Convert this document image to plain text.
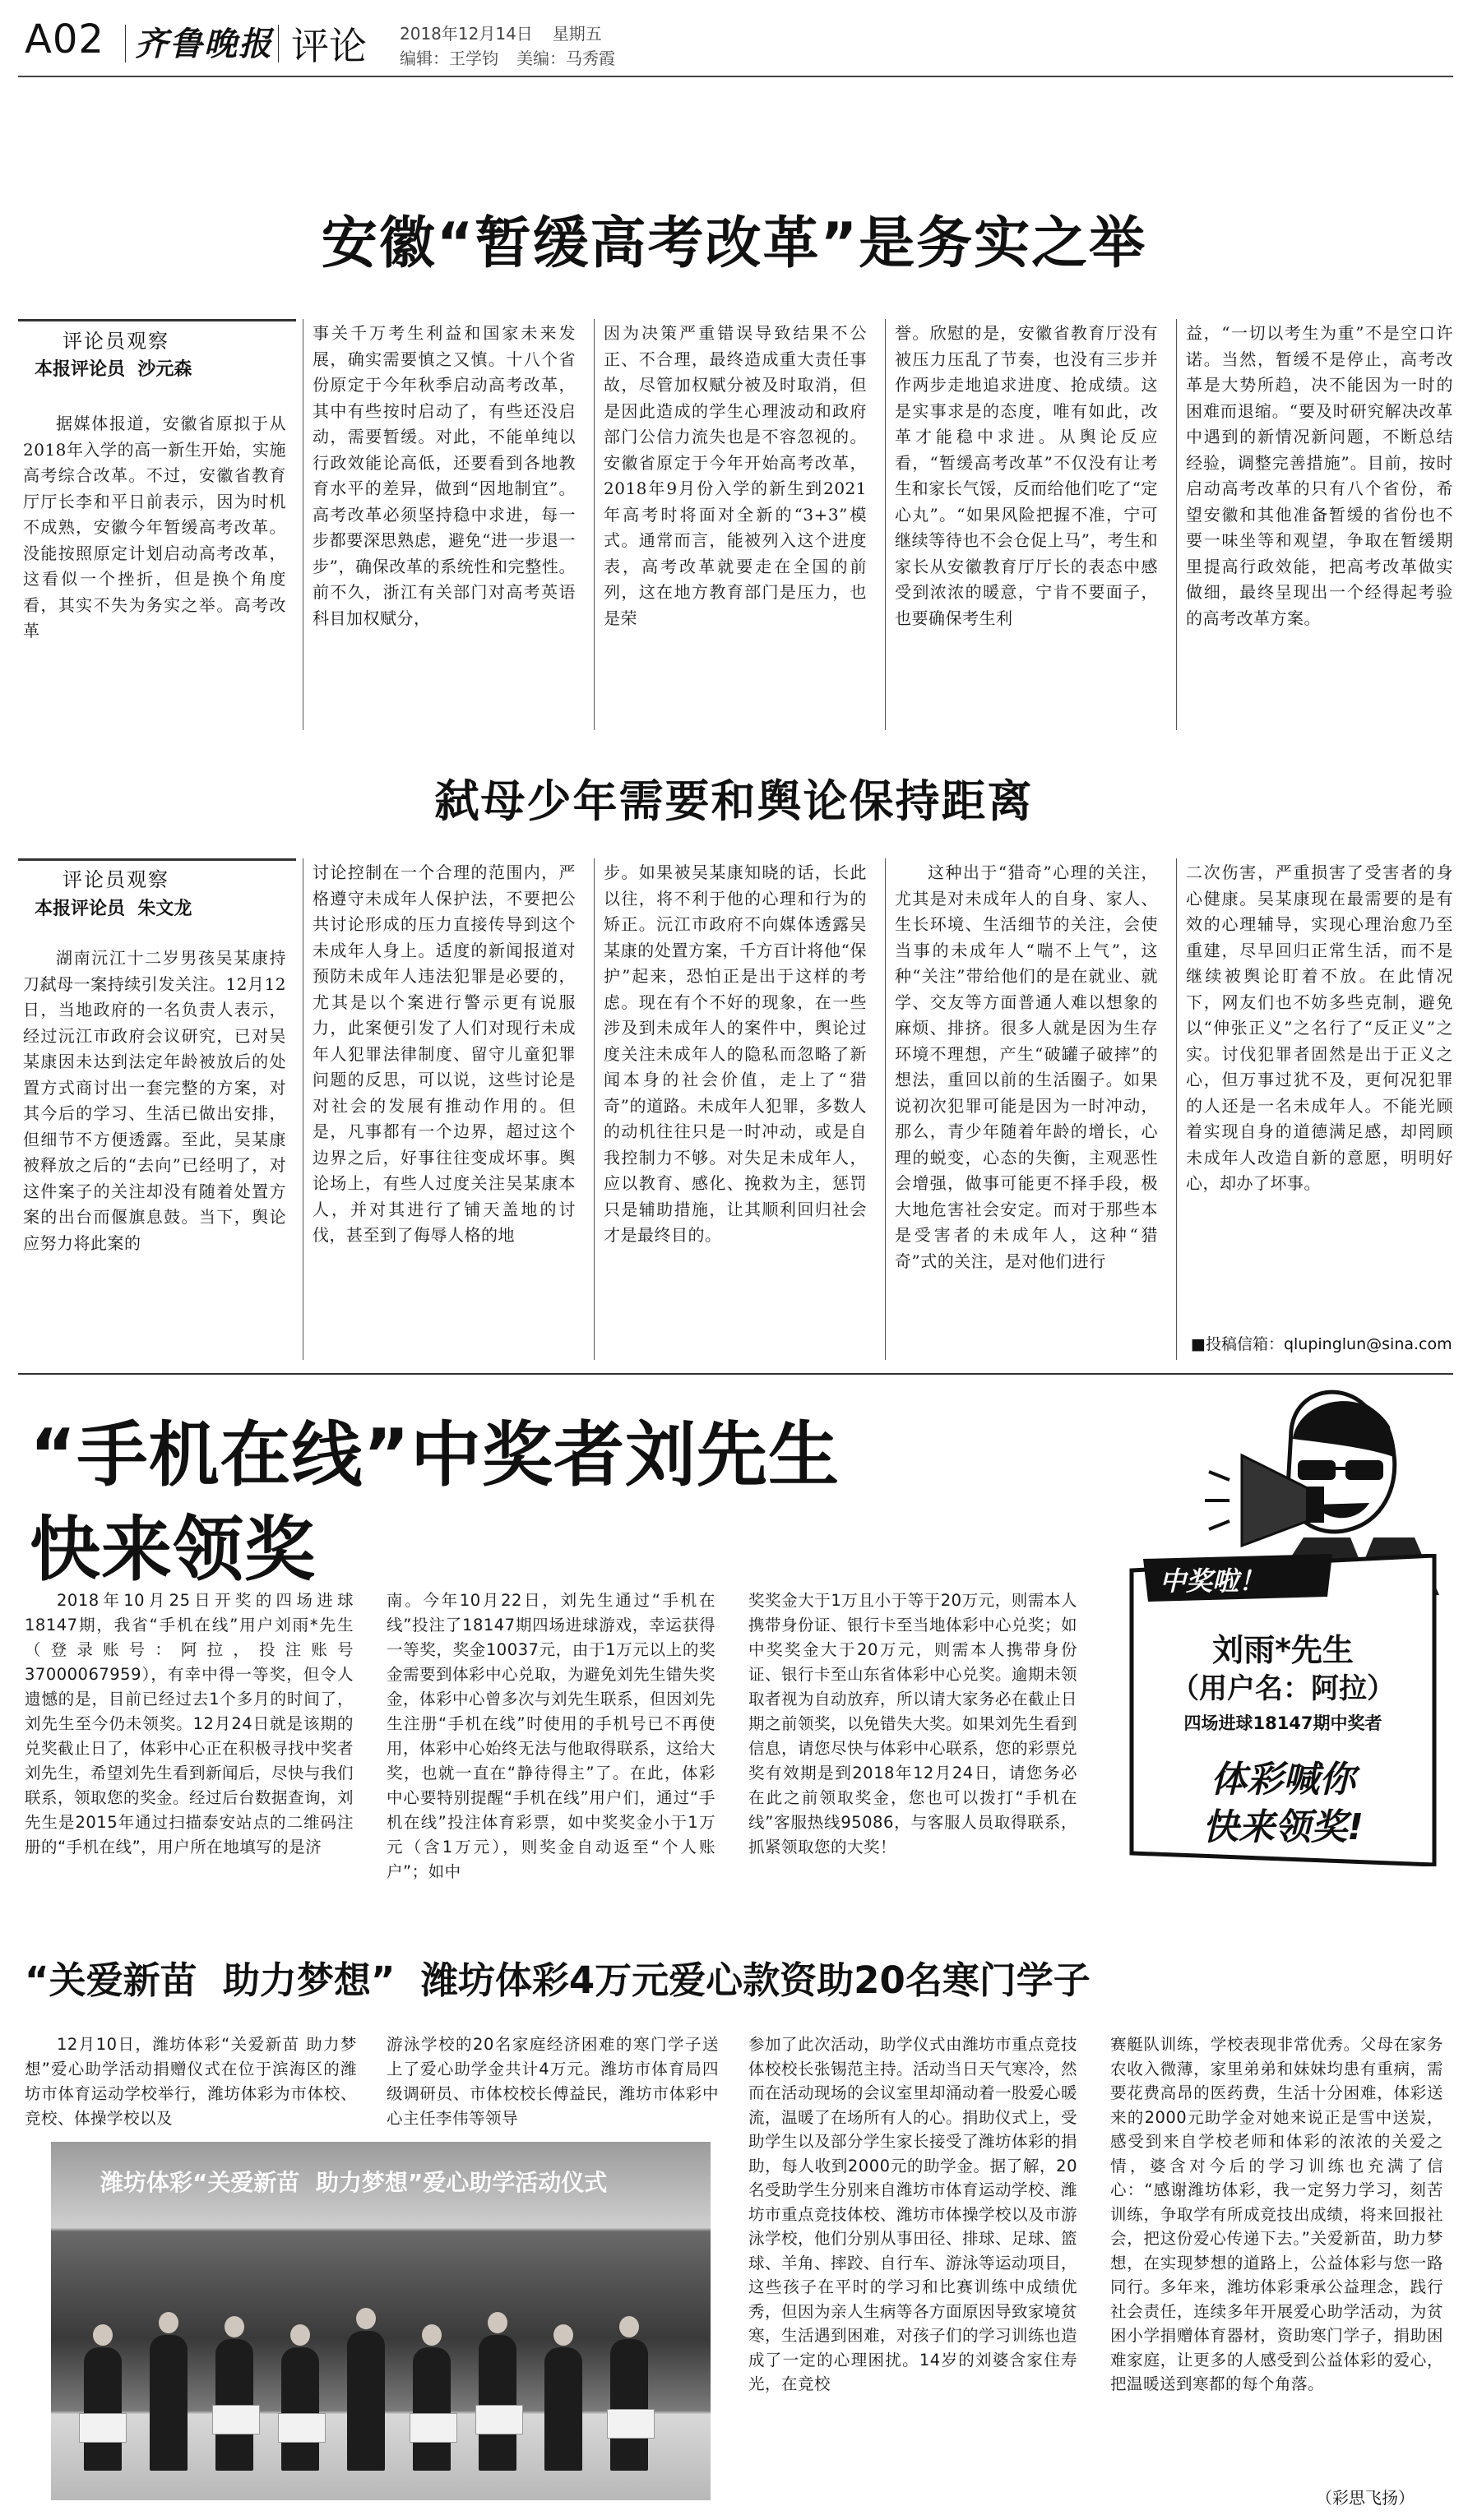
A02 齐鲁晚报 评论 2018年12月14日 星期五
编辑：王学钧 美编：马秀霞
安徽“暂缓高考改革”是务实之举
评论员观察
本报评论员  沙元森

据媒体报道，安徽省原拟于从2018年入学的高一新生开始，实施高考综合改革。不过，安徽省教育厅厅长李和平日前表示，因为时机不成熟，安徽今年暂缓高考改革。没能按照原定计划启动高考改革，这看似一个挫折，但是换个角度看，其实不失为务实之举。高考改革

事关千万考生利益和国家未来发展，确实需要慎之又慎。十八个省份原定于今年秋季启动高考改革，其中有些按时启动了，有些还没启动，需要暂缓。对此，不能单纯以行政效能论高低，还要看到各地教育水平的差异，做到“因地制宜”。高考改革必须坚持稳中求进，每一步都要深思熟虑，避免“进一步退一步”，确保改革的系统性和完整性。前不久，浙江有关部门对高考英语科目加权赋分，

因为决策严重错误导致结果不公正、不合理，最终造成重大责任事故，尽管加权赋分被及时取消，但是因此造成的学生心理波动和政府部门公信力流失也是不容忽视的。安徽省原定于今年开始高考改革，2018年9月份入学的新生到2021年高考时将面对全新的“3+3”模式。通常而言，能被列入这个进度表，高考改革就要走在全国的前列，这在地方教育部门是压力，也是荣

誉。欣慰的是，安徽省教育厅没有被压力压乱了节奏，也没有三步并作两步走地追求进度、抢成绩。这是实事求是的态度，唯有如此，改革才能稳中求进。从舆论反应看，“暂缓高考改革”不仅没有让考生和家长气馁，反而给他们吃了“定心丸”。“如果风险把握不准，宁可继续等待也不会仓促上马”，考生和家长从安徽教育厅厅长的表态中感受到浓浓的暖意，宁肯不要面子，也要确保考生利

益，“一切以考生为重”不是空口许诺。当然，暂缓不是停止，高考改革是大势所趋，决不能因为一时的困难而退缩。“要及时研究解决改革中遇到的新情况新问题，不断总结经验，调整完善措施”。目前，按时启动高考改革的只有八个省份，希望安徽和其他准备暂缓的省份也不要一味坐等和观望，争取在暂缓期里提高行政效能，把高考改革做实做细，最终呈现出一个经得起考验的高考改革方案。

弑母少年需要和舆论保持距离
评论员观察
本报评论员  朱文龙

湖南沅江十二岁男孩吴某康持刀弑母一案持续引发关注。12月12日，当地政府的一名负责人表示，经过沅江市政府会议研究，已对吴某康因未达到法定年龄被放后的处置方式商讨出一套完整的方案，对其今后的学习、生活已做出安排，但细节不方便透露。至此，吴某康被释放之后的“去向”已经明了，对这件案子的关注却没有随着处置方案的出台而偃旗息鼓。当下，舆论应努力将此案的

讨论控制在一个合理的范围内，严格遵守未成年人保护法，不要把公共讨论形成的压力直接传导到这个未成年人身上。适度的新闻报道对预防未成年人违法犯罪是必要的，尤其是以个案进行警示更有说服力，此案便引发了人们对现行未成年人犯罪法律制度、留守儿童犯罪问题的反思，可以说，这些讨论是对社会的发展有推动作用的。但是，凡事都有一个边界，超过这个边界之后，好事往往变成坏事。舆论场上，有些人过度关注吴某康本人，并对其进行了铺天盖地的讨伐，甚至到了侮辱人格的地

步。如果被吴某康知晓的话，长此以往，将不利于他的心理和行为的矫正。沅江市政府不向媒体透露吴某康的处置方案，千方百计将他“保护”起来，恐怕正是出于这样的考虑。现在有个不好的现象，在一些涉及到未成年人的案件中，舆论过度关注未成年人的隐私而忽略了新闻本身的社会价值，走上了“猎奇”的道路。未成年人犯罪，多数人的动机往往只是一时冲动，或是自我控制力不够。对失足未成年人，应以教育、感化、挽救为主，惩罚只是辅助措施，让其顺利回归社会才是最终目的。

这种出于“猎奇”心理的关注，尤其是对未成年人的自身、家人、生长环境、生活细节的关注，会使当事的未成年人“喘不上气”，这种“关注”带给他们的是在就业、就学、交友等方面普通人难以想象的麻烦、排挤。很多人就是因为生存环境不理想，产生“破罐子破摔”的想法，重回以前的生活圈子。如果说初次犯罪可能是因为一时冲动，那么，青少年随着年龄的增长，心理的蜕变，心态的失衡，主观恶性会增强，做事可能更不择手段，极大地危害社会安定。而对于那些本是受害者的未成年人，这种“猎奇”式的关注，是对他们进行

二次伤害，严重损害了受害者的身心健康。吴某康现在最需要的是有效的心理辅导，实现心理治愈乃至重建，尽早回归正常生活，而不是继续被舆论盯着不放。在此情况下，网友们也不妨多些克制，避免以“伸张正义”之名行了“反正义”之实。讨伐犯罪者固然是出于正义之心，但万事过犹不及，更何况犯罪的人还是一名未成年人。不能光顾着实现自身的道德满足感，却罔顾未成年人改造自新的意愿，明明好心，却办了坏事。

■投稿信箱：qlupinglun@sina.com
“手机在线”中奖者刘先生
快来领奖

2018年10月25日开奖的四场进球18147期，我省“手机在线”用户刘雨*先生（登录账号：阿拉，投注账号37000067959），有幸中得一等奖，但令人遗憾的是，目前已经过去1个多月的时间了，刘先生至今仍未领奖。12月24日就是该期的兑奖截止日了，体彩中心正在积极寻找中奖者刘先生，希望刘先生看到新闻后，尽快与我们联系，领取您的奖金。经过后台数据查询，刘先生是2015年通过扫描泰安站点的二维码注册的“手机在线”，用户所在地填写的是济

南。今年10月22日，刘先生通过“手机在线”投注了18147期四场进球游戏，幸运获得一等奖，奖金10037元，由于1万元以上的奖金需要到体彩中心兑取，为避免刘先生错失奖金，体彩中心曾多次与刘先生联系，但因刘先生注册“手机在线”时使用的手机号已不再使用，体彩中心始终无法与他取得联系，这给大奖，也就一直在“静待得主”了。在此，体彩中心要特别提醒“手机在线”用户们，通过“手机在线”投注体育彩票，如中奖奖金小于1万元（含1万元），则奖金自动返至“个人账户”；如中

奖奖金大于1万且小于等于20万元，则需本人携带身份证、银行卡至当地体彩中心兑奖；如中奖奖金大于20万元，则需本人携带身份证、银行卡至山东省体彩中心兑奖。逾期未领取者视为自动放弃，所以请大家务必在截止日期之前领奖，以免错失大奖。如果刘先生看到信息，请您尽快与体彩中心联系，您的彩票兑奖有效期是到2018年12月24日，请您务必在此之前领取奖金，您也可以拨打“手机在线”客服热线95086，与客服人员取得联系，抓紧领取您的大奖！

中奖啦！
刘雨*先生
（用户名：阿拉）
四场进球18147期中奖者
体彩喊你
快来领奖!
“关爱新苗  助力梦想”  潍坊体彩4万元爱心款资助20名寒门学子

12月10日，潍坊体彩“关爱新苗 助力梦想”爱心助学活动捐赠仪式在位于滨海区的潍坊市体育运动学校举行，潍坊体彩为市体校、竞校、体操学校以及

游泳学校的20名家庭经济困难的寒门学子送上了爱心助学金共计4万元。潍坊市体育局四级调研员、市体校校长傅益民，潍坊市体彩中心主任李伟等领导

潍坊体彩“关爱新苗  助力梦想”爱心助学活动仪式

参加了此次活动，助学仪式由潍坊市重点竞技体校校长张锡范主持。活动当日天气寒冷，然而在活动现场的会议室里却涌动着一股爱心暖流，温暖了在场所有人的心。捐助仪式上，受助学生以及部分学生家长接受了潍坊体彩的捐助，每人收到2000元的助学金。据了解，20名受助学生分别来自潍坊市体育运动学校、潍坊市重点竞技体校、潍坊市体操学校以及市游泳学校，他们分别从事田径、排球、足球、篮球、羊角、摔跤、自行车、游泳等运动项目，这些孩子在平时的学习和比赛训练中成绩优秀，但因为亲人生病等各方面原因导致家境贫寒，生活遇到困难，对孩子们的学习训练也造成了一定的心理困扰。14岁的刘婆含家住寿光，在竞校

赛艇队训练，学校表现非常优秀。父母在家务农收入微薄，家里弟弟和妹妹均患有重病，需要花费高昂的医药费，生活十分困难，体彩送来的2000元助学金对她来说正是雪中送炭，感受到来自学校老师和体彩的浓浓的关爱之情，婆含对今后的学习训练也充满了信心：“感谢潍坊体彩，我一定努力学习，刻苦训练，争取学有所成竞技出成绩，将来回报社会，把这份爱心传递下去。”关爱新苗，助力梦想，在实现梦想的道路上，公益体彩与您一路同行。多年来，潍坊体彩秉承公益理念，践行社会责任，连续多年开展爱心助学活动，为贫困小学捐赠体育器材，资助寒门学子，捐助困难家庭，让更多的人感受到公益体彩的爱心，把温暖送到寒都的每个角落。

（彩思飞扬）
